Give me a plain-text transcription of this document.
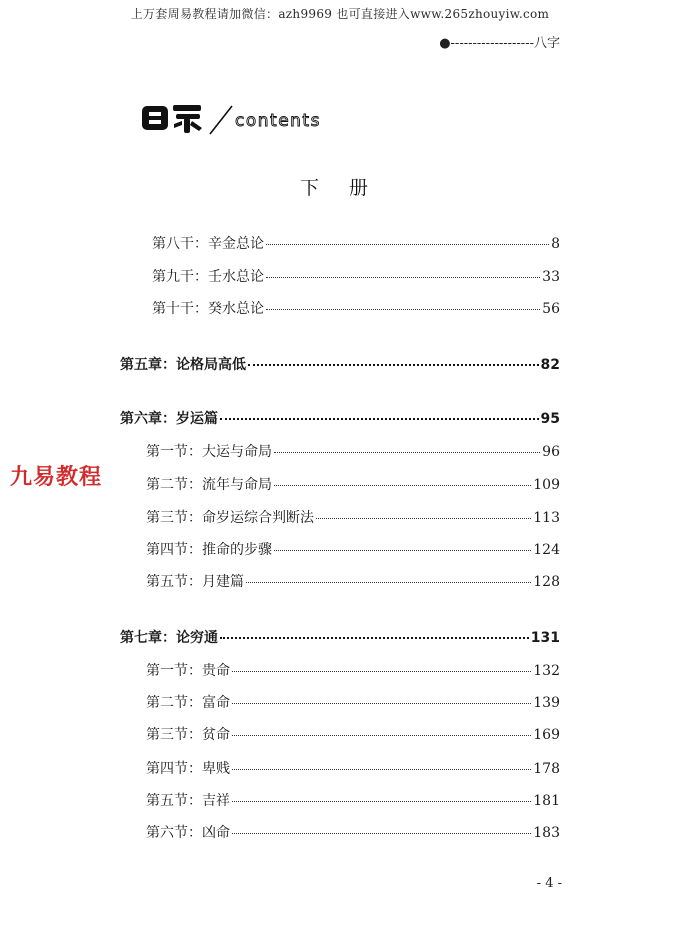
上万套周易教程请加微信：azh9969 也可直接进入www.265zhouyiw.com
●-------------------八字
contents
下 册
九易教程
第八干：辛金总论	8
第九干：壬水总论	33
第十干：癸水总论	56
第五章：论格局高低	82
第六章：岁运篇	95
第一节：大运与命局	96
第二节：流年与命局	109
第三节：命岁运综合判断法	113
第四节：推命的步骤	124
第五节：月建篇	128
第七章：论穷通	131
第一节：贵命	132
第二节：富命	139
第三节：贫命	169
第四节：卑贱	178
第五节：吉祥	181
第六节：凶命	183
- 4 -
